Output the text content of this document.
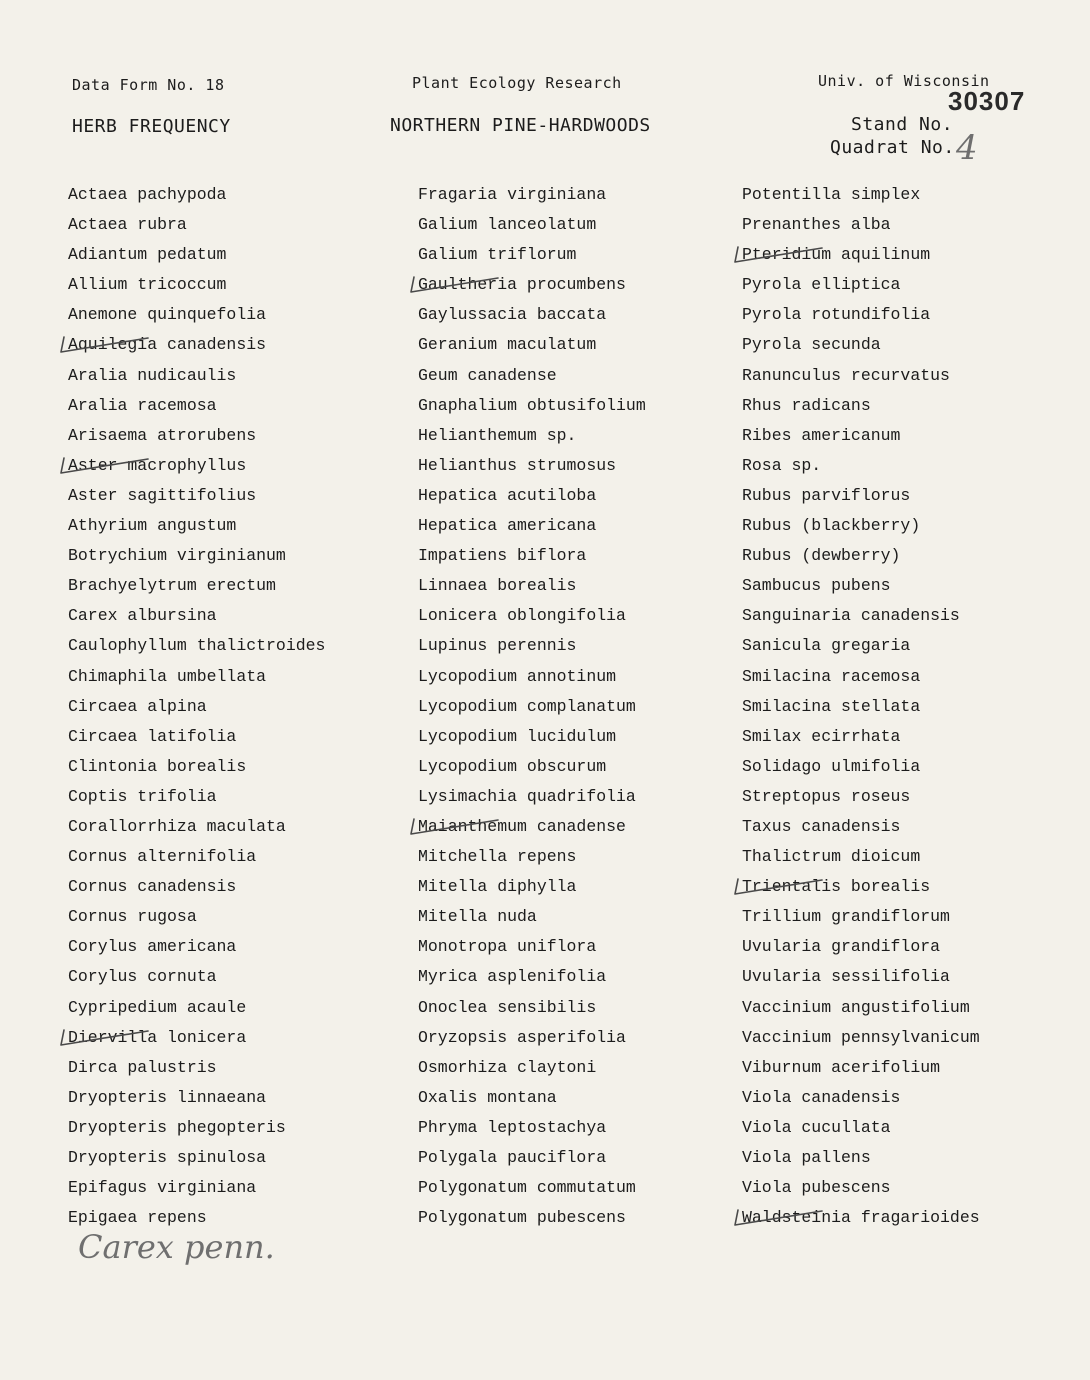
Data Form No. 18	Plant Ecology Research	Univ. of Wisconsin
HERB FREQUENCY	NORTHERN PINE-HARDWOODS	Stand No.
Quadrat No.
30307
4
Actaea pachypoda
Actaea rubra
Adiantum pedatum
Allium tricoccum
Anemone quinquefolia
Aquilegia canadensis
Aralia nudicaulis
Aralia racemosa
Arisaema atrorubens
Aster macrophyllus
Aster sagittifolius
Athyrium angustum
Botrychium virginianum
Brachyelytrum erectum
Carex albursina
Caulophyllum thalictroides
Chimaphila umbellata
Circaea alpina
Circaea latifolia
Clintonia borealis
Coptis trifolia
Corallorrhiza maculata
Cornus alternifolia
Cornus canadensis
Cornus rugosa
Corylus americana
Corylus cornuta
Cypripedium acaule
Diervilla lonicera
Dirca palustris
Dryopteris linnaeana
Dryopteris phegopteris
Dryopteris spinulosa
Epifagus virginiana
Epigaea repens
Fragaria virginiana
Galium lanceolatum
Galium triflorum
Gaultheria procumbens
Gaylussacia baccata
Geranium maculatum
Geum canadense
Gnaphalium obtusifolium
Helianthemum sp.
Helianthus strumosus
Hepatica acutiloba
Hepatica americana
Impatiens biflora
Linnaea borealis
Lonicera oblongifolia
Lupinus perennis
Lycopodium annotinum
Lycopodium complanatum
Lycopodium lucidulum
Lycopodium obscurum
Lysimachia quadrifolia
Maianthemum canadense
Mitchella repens
Mitella diphylla
Mitella nuda
Monotropa uniflora
Myrica asplenifolia
Onoclea sensibilis
Oryzopsis asperifolia
Osmorhiza claytoni
Oxalis montana
Phryma leptostachya
Polygala pauciflora
Polygonatum commutatum
Polygonatum pubescens
Potentilla simplex
Prenanthes alba
Pteridium aquilinum
Pyrola elliptica
Pyrola rotundifolia
Pyrola secunda
Ranunculus recurvatus
Rhus radicans
Ribes americanum
Rosa sp.
Rubus parviflorus
Rubus (blackberry)
Rubus (dewberry)
Sambucus pubens
Sanguinaria canadensis
Sanicula gregaria
Smilacina racemosa
Smilacina stellata
Smilax ecirrhata
Solidago ulmifolia
Streptopus roseus
Taxus canadensis
Thalictrum dioicum
Trientalis borealis
Trillium grandiflorum
Uvularia grandiflora
Uvularia sessilifolia
Vaccinium angustifolium
Vaccinium pennsylvanicum
Viburnum acerifolium
Viola canadensis
Viola cucullata
Viola pallens
Viola pubescens
Waldsteinia fragarioides
Carex penn.
